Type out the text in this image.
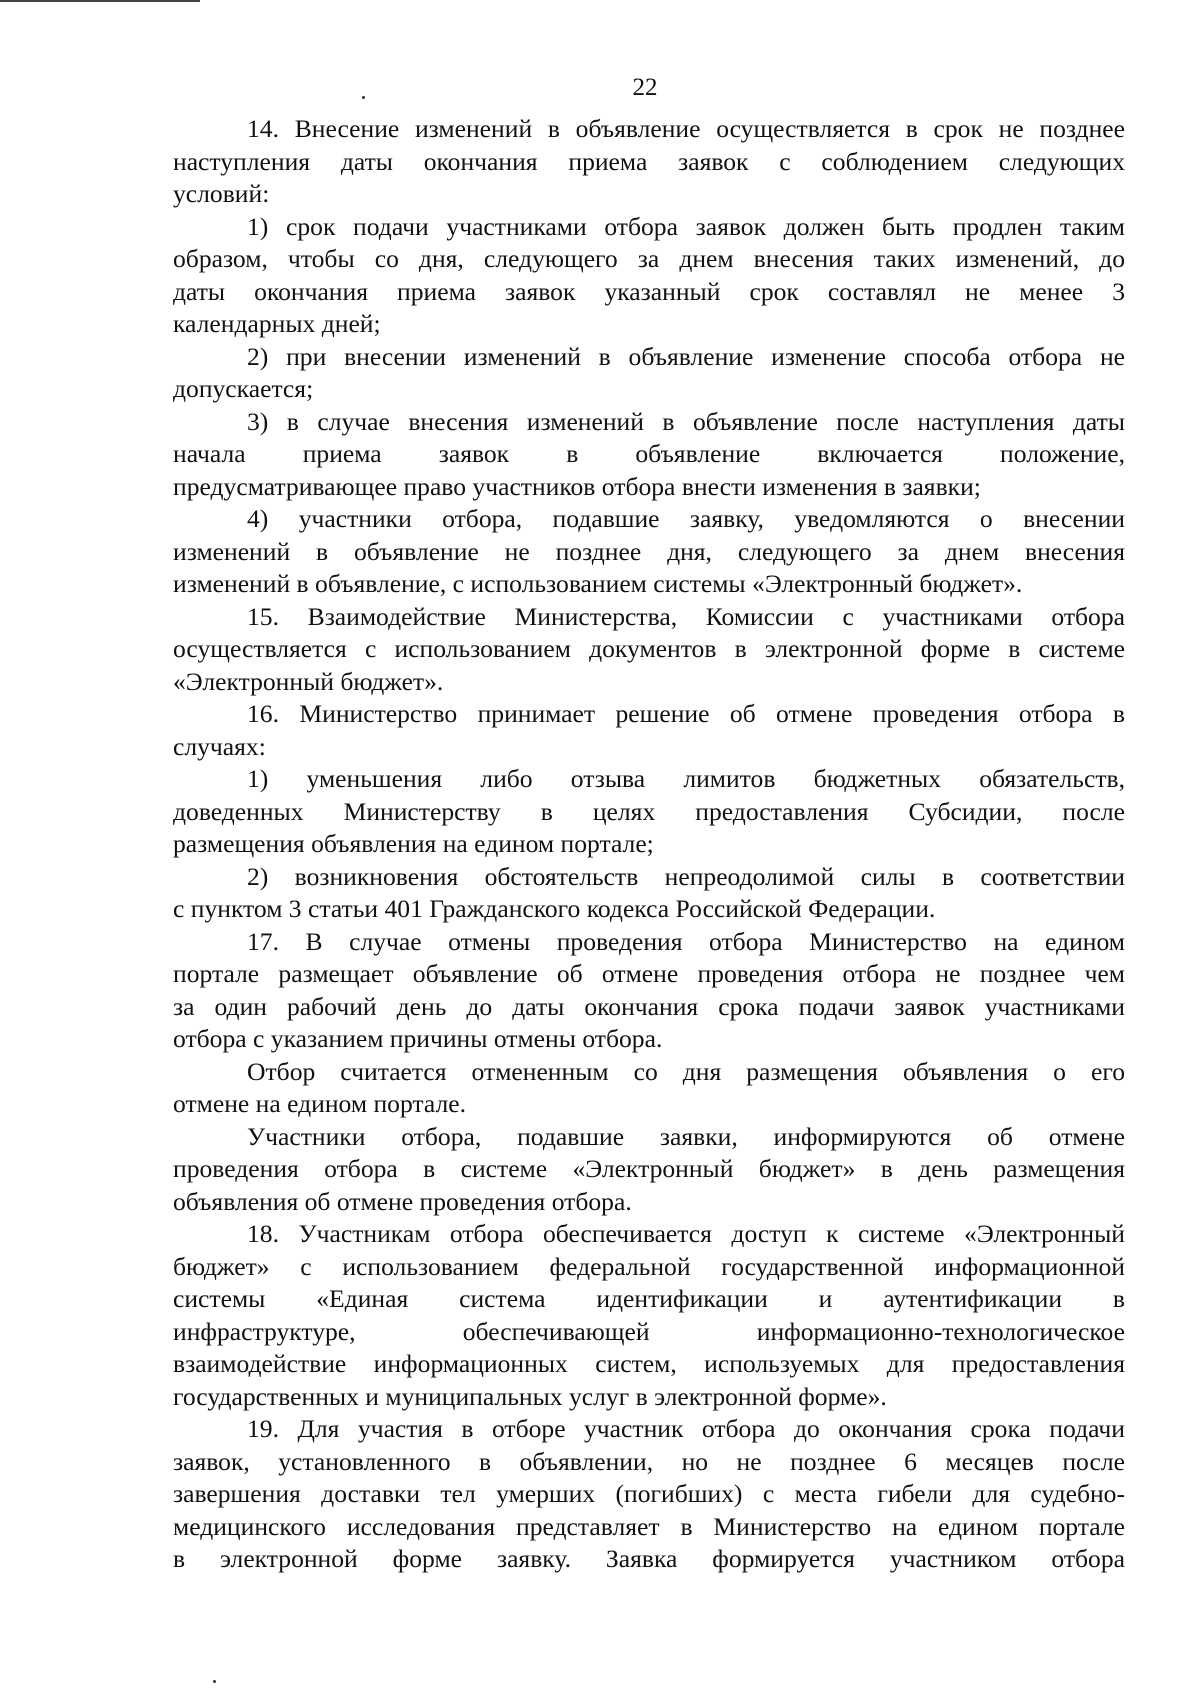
22
14. Внесение изменений в объявление осуществляется в срок не позднее
наступления даты окончания приема заявок с соблюдением следующих
условий:
1) срок подачи участниками отбора заявок должен быть продлен таким
образом, чтобы со дня, следующего за днем внесения таких изменений, до
даты окончания приема заявок указанный срок составлял не менее 3
календарных дней;
2) при внесении изменений в объявление изменение способа отбора не
допускается;
3) в случае внесения изменений в объявление после наступления даты
начала приема заявок в объявление включается положение,
предусматривающее право участников отбора внести изменения в заявки;
4) участники отбора, подавшие заявку, уведомляются о внесении
изменений в объявление не позднее дня, следующего за днем внесения
изменений в объявление, с использованием системы «Электронный бюджет».
15. Взаимодействие Министерства, Комиссии с участниками отбора
осуществляется с использованием документов в электронной форме в системе
«Электронный бюджет».
16. Министерство принимает решение об отмене проведения отбора в
случаях:
1) уменьшения либо отзыва лимитов бюджетных обязательств,
доведенных Министерству в целях предоставления Субсидии, после
размещения объявления на едином портале;
2) возникновения обстоятельств непреодолимой силы в соответствии
с пунктом 3 статьи 401 Гражданского кодекса Российской Федерации.
17. В случае отмены проведения отбора Министерство на едином
портале размещает объявление об отмене проведения отбора не позднее чем
за один рабочий день до даты окончания срока подачи заявок участниками
отбора с указанием причины отмены отбора.
Отбор считается отмененным со дня размещения объявления о его
отмене на едином портале.
Участники отбора, подавшие заявки, информируются об отмене
проведения отбора в системе «Электронный бюджет» в день размещения
объявления об отмене проведения отбора.
18. Участникам отбора обеспечивается доступ к системе «Электронный
бюджет» с использованием федеральной государственной информационной
системы «Единая система идентификации и аутентификации в
инфраструктуре, обеспечивающей информационно-технологическое
взаимодействие информационных систем, используемых для предоставления
государственных и муниципальных услуг в электронной форме».
19. Для участия в отборе участник отбора до окончания срока подачи
заявок, установленного в объявлении, но не позднее 6 месяцев после
завершения доставки тел умерших (погибших) с места гибели для судебно-
медицинского исследования представляет в Министерство на едином портале
в электронной форме заявку. Заявка формируется участником отбора
